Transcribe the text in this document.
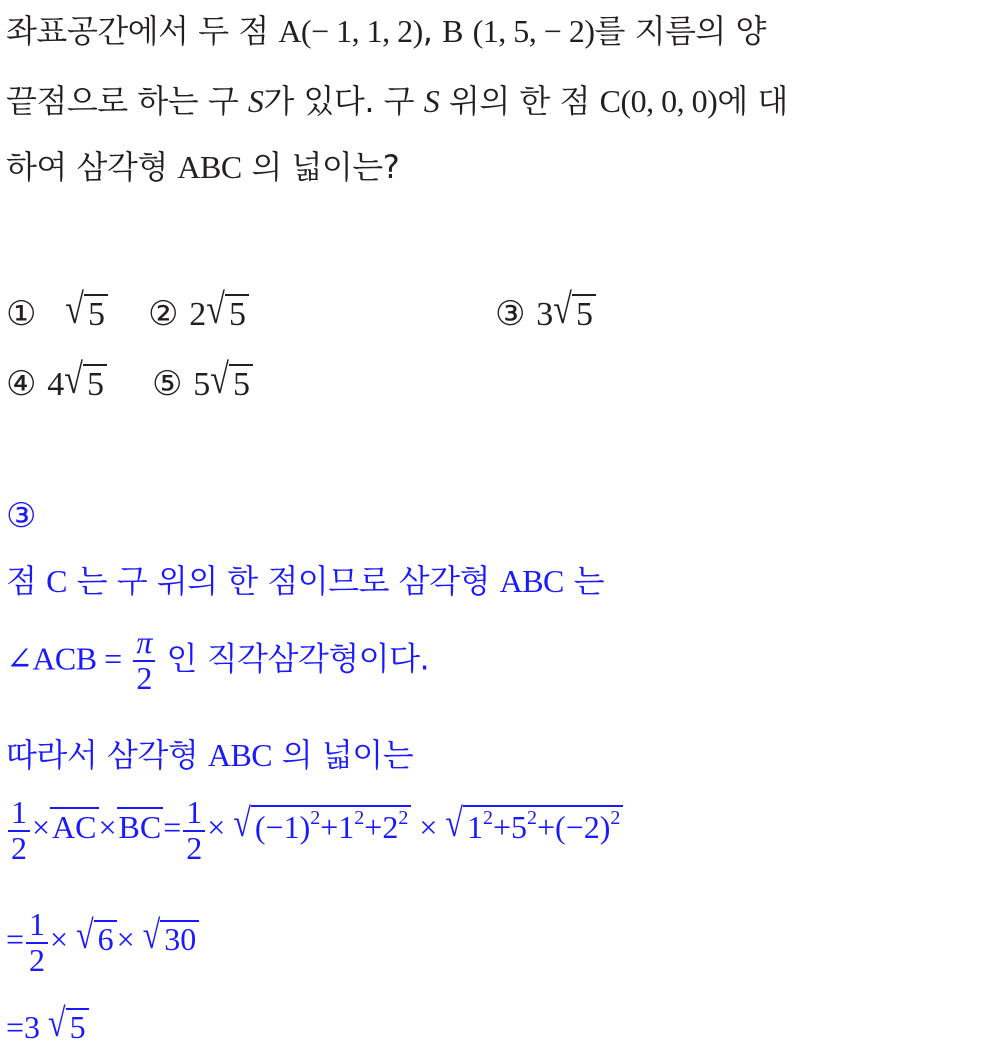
좌표공간에서 두 점 A(− 1, 1, 2), B (1, 5, − 2)를 지름의 양
끝점으로 하는 구 S가 있다. 구 S 위의 한 점 C(0, 0, 0)에 대
하여 삼각형 ABC 의 넓이는?
① √ 5 ② 2√ 5	③ 3√ 5
④ 4√ 5 ⑤ 5√ 5
③
점 C 는 구 위의 한 점이므로 삼각형 ABC 는
∠ACB = $\frac{\pi}{2}$ 인 직각삼각형이다.
따라서 삼각형 ABC 의 넓이는
$\frac{1}{2} \times AC\times BC= \frac{1}{2}$ × √ $(-1)^2+1^2+2^2$ × √ $1^2+5^2+(-2)^2$
= $\frac{1}{2}$ × √ 6× √ 30
=3 √ 5
